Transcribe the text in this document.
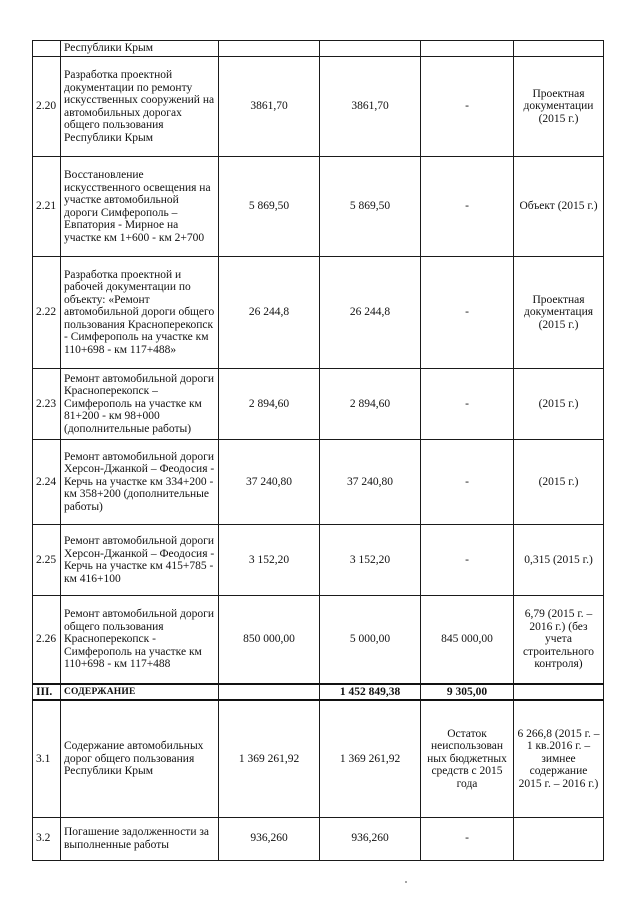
	Республики Крым				
2.20	Разработка проектной документации по ремонту искусственных сооружений на автомобильных дорогах общего пользования Республики Крым	3861,70	3861,70	-	Проектная документации (2015 г.)
2.21	Восстановление искусственного освещения на участке автомобильной дороги Симферополь –Евпатория - Мирное на участке км 1+600 - км 2+700	5 869,50	5 869,50	-	Объект (2015 г.)
2.22	Разработка проектной и рабочей документации по объекту: «Ремонт автомобильной дороги общего пользования Красноперекопск - Симферополь на участке км 110+698 - км 117+488»	26 244,8	26 244,8	-	Проектная документация (2015 г.)
2.23	Ремонт автомобильной дороги Красноперекопск – Симферополь на участке км 81+200 - км 98+000 (дополнительные работы)	2 894,60	2 894,60	-	(2015 г.)
2.24	Ремонт автомобильной дороги Херсон-Джанкой – Феодосия - Керчь на участке км 334+200 - км 358+200 (дополнительные работы)	37 240,80	37 240,80	-	(2015 г.)
2.25	Ремонт автомобильной дороги Херсон-Джанкой – Феодосия - Керчь на участке км 415+785 - км 416+100	3 152,20	3 152,20	-	0,315 (2015 г.)
2.26	Ремонт автомобильной дороги общего пользования Красноперекопск - Симферополь на участке км 110+698 - км 117+488	850 000,00	5 000,00	845 000,00	6,79 (2015 г. – 2016 г.) (без учета строительного контроля)
III.	СОДЕРЖАНИЕ		1 452 849,38	9 305,00	
3.1	Содержание автомобильных дорог общего пользования Республики Крым	1 369 261,92	1 369 261,92	Остаток неиспользован ных бюджетных средств с 2015 года	6 266,8 (2015 г. – 1 кв.2016 г. – зимнее содержание 2015 г. – 2016 г.)
3.2	Погашение задолженности за выполненные работы	936,260	936,260	-	
